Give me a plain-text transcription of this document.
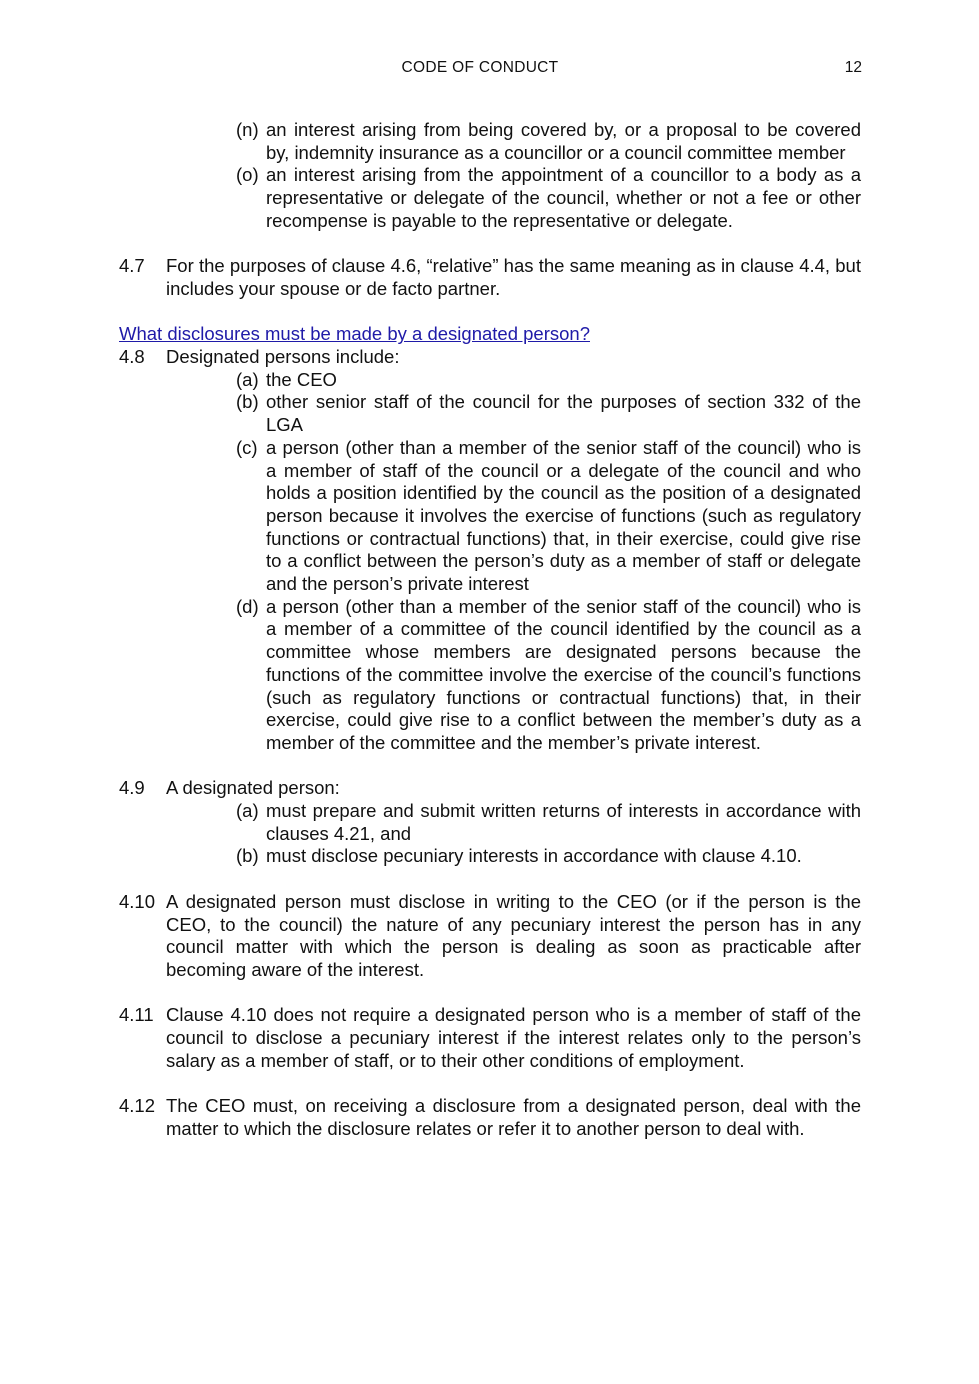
CODE OF CONDUCT	12
(n) an interest arising from being covered by, or a proposal to be covered by, indemnity insurance as a councillor or a council committee member
(o) an interest arising from the appointment of a councillor to a body as a representative or delegate of the council, whether or not a fee or other recompense is payable to the representative or delegate.
4.7	For the purposes of clause 4.6, “relative” has the same meaning as in clause 4.4, but includes your spouse or de facto partner.
What disclosures must be made by a designated person?
4.8	Designated persons include:
(a) the CEO
(b) other senior staff of the council for the purposes of section 332 of the LGA
(c) a person (other than a member of the senior staff of the council) who is a member of staff of the council or a delegate of the council and who holds a position identified by the council as the position of a designated person because it involves the exercise of functions (such as regulatory functions or contractual functions) that, in their exercise, could give rise to a conflict between the person’s duty as a member of staff or delegate and the person’s private interest
(d) a person (other than a member of the senior staff of the council) who is a member of a committee of the council identified by the council as a committee whose members are designated persons because the functions of the committee involve the exercise of the council’s functions (such as regulatory functions or contractual functions) that, in their exercise, could give rise to a conflict between the member’s duty as a member of the committee and the member’s private interest.
4.9	A designated person:
(a) must prepare and submit written returns of interests in accordance with clauses 4.21, and
(b) must disclose pecuniary interests in accordance with clause 4.10.
4.10 A designated person must disclose in writing to the CEO (or if the person is the CEO, to the council) the nature of any pecuniary interest the person has in any council matter with which the person is dealing as soon as practicable after becoming aware of the interest.
4.11 Clause 4.10 does not require a designated person who is a member of staff of the council to disclose a pecuniary interest if the interest relates only to the person’s salary as a member of staff, or to their other conditions of employment.
4.12 The CEO must, on receiving a disclosure from a designated person, deal with the matter to which the disclosure relates or refer it to another person to deal with.
